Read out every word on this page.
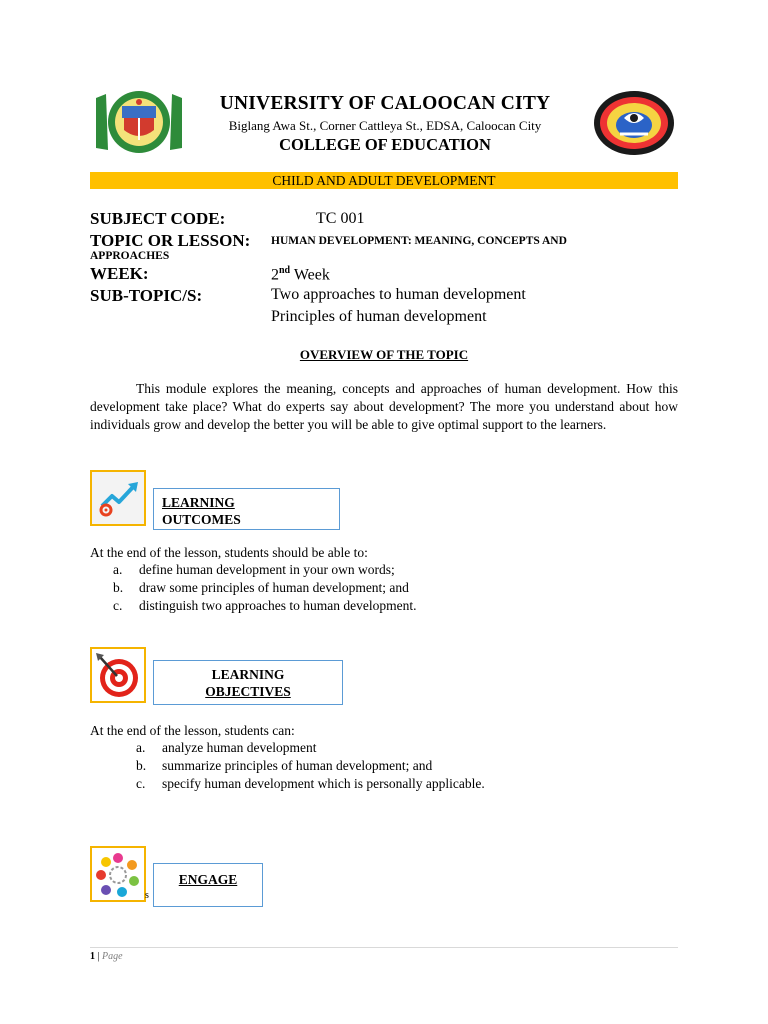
UNIVERSITY OF CALOOCAN CITY
Biglang Awa St., Corner Cattleya St., EDSA, Caloocan City
COLLEGE OF EDUCATION
CHILD AND ADULT DEVELOPMENT
SUBJECT CODE:	TC 001
TOPIC OR LESSON: HUMAN DEVELOPMENT: MEANING, CONCEPTS AND
APPROACHES
WEEK:	2nd Week
SUB-TOPIC/S:	Two approaches to human development
Principles of human development
OVERVIEW OF THE TOPIC
This module explores the meaning, concepts and approaches of human development. How this development take place? What do experts say about development? The more you understand about how individuals grow and develop the better you will be able to give optimal support to the learners.
LEARNING
OUTCOMES
At the end of the lesson, students should be able to:
a. define human development in your own words;
b. draw some principles of human development; and
c. distinguish two approaches to human development.
LEARNING
OBJECTIVES
At the end of the lesson, students can:
a. analyze human development
b. summarize principles of human development; and
c. specify human development which is personally applicable.
s
ENGAGE
1 | Page
